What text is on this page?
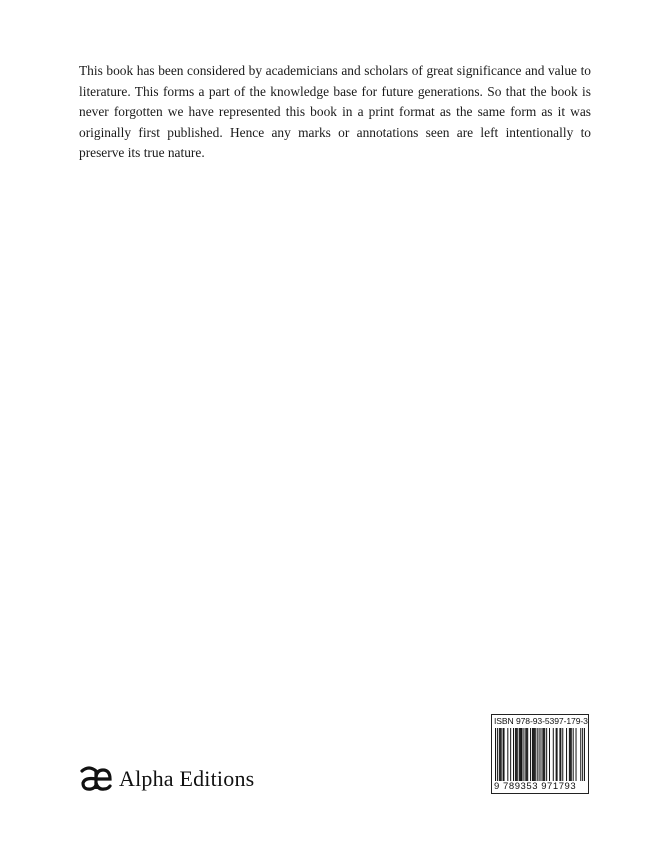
This book has been considered by academicians and scholars of great significance and value to literature. This forms a part of the knowledge base for future generations. So that the book is never forgotten we have represented this book in a print format as the same form as it was originally first published. Hence any marks or annotations seen are left intentionally to preserve its true nature.

Alpha Editions
ISBN 978-93-5397-179-3
9 789353 971793
